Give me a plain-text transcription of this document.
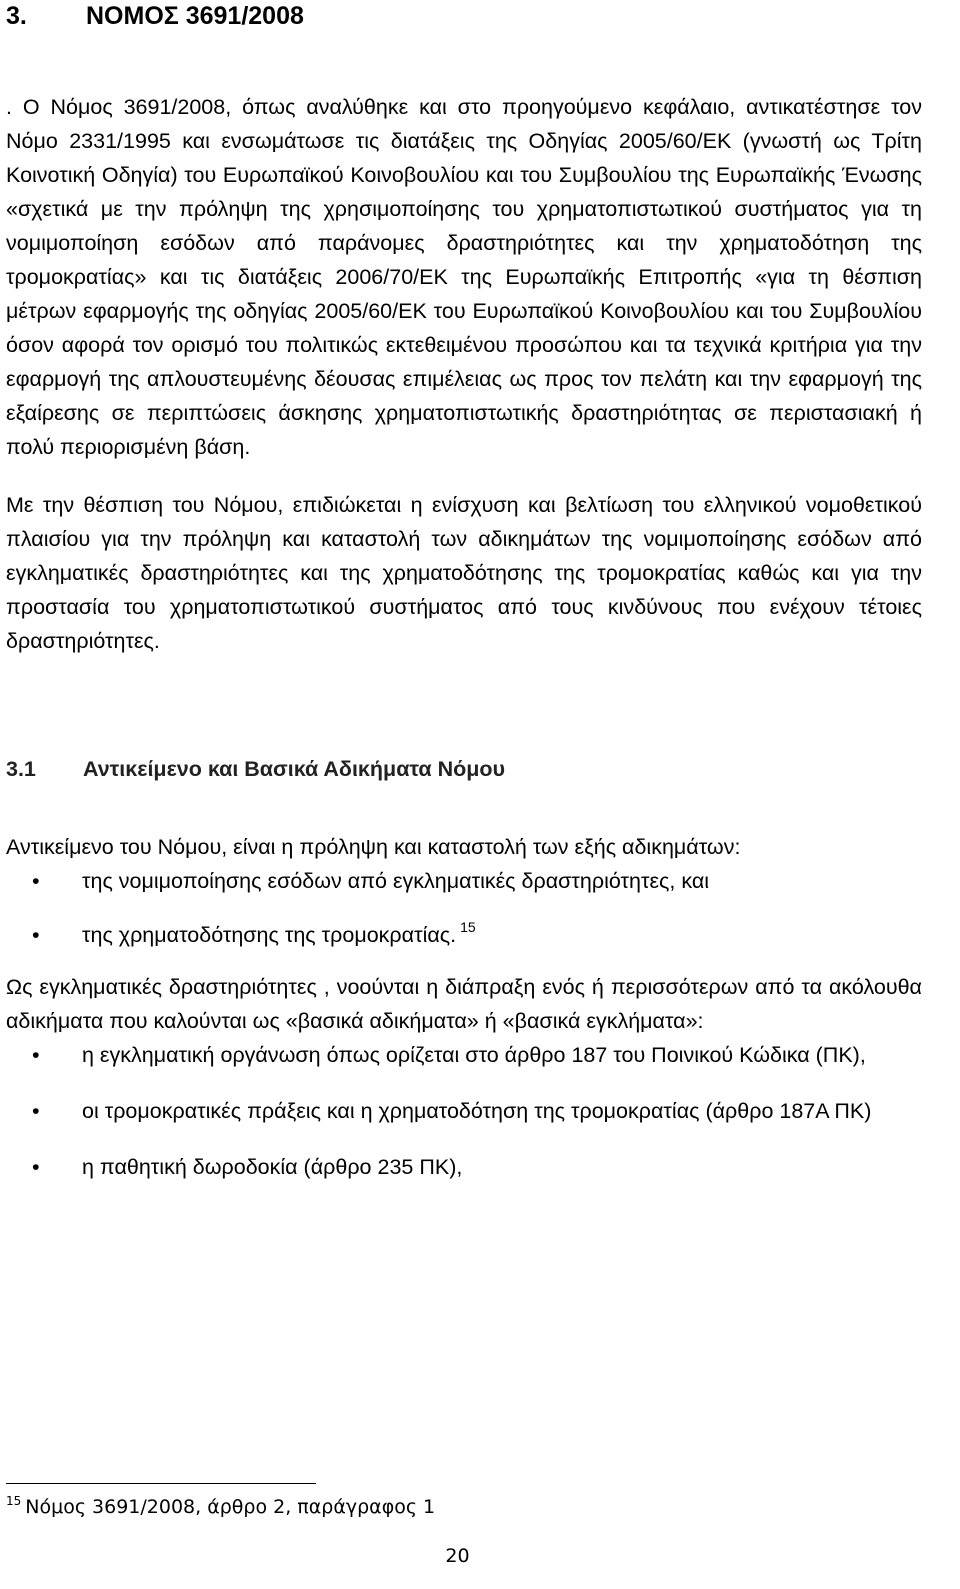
3. ΝΟΜΟΣ 3691/2008

. Ο Νόμος 3691/2008, όπως αναλύθηκε και στο προηγούμενο κεφάλαιο, αντικατέστησε τον Νόμο 2331/1995 και ενσωμάτωσε τις διατάξεις της Οδηγίας 2005/60/ΕΚ (γνωστή ως Τρίτη Κοινοτική Οδηγία) του Ευρωπαϊκού Κοινοβουλίου και του Συμβουλίου της Ευρωπαϊκής Ένωσης «σχετικά με την πρόληψη της χρησιμοποίησης του χρηματοπιστωτικού συστήματος για τη νομιμοποίηση εσόδων από παράνομες δραστηριότητες και την χρηματοδότηση της τρομοκρατίας» και τις διατάξεις 2006/70/ΕΚ της Ευρωπαϊκής Επιτροπής «για τη θέσπιση μέτρων εφαρμογής της οδηγίας 2005/60/ΕΚ του Ευρωπαϊκού Κοινοβουλίου και του Συμβουλίου όσον αφορά τον ορισμό του πολιτικώς εκτεθειμένου προσώπου και τα τεχνικά κριτήρια για την εφαρμογή της απλουστευμένης δέουσας επιμέλειας ως προς τον πελάτη και την εφαρμογή της εξαίρεσης σε περιπτώσεις άσκησης χρηματοπιστωτικής δραστηριότητας σε περιστασιακή ή πολύ περιορισμένη βάση.

Με την θέσπιση του Νόμου, επιδιώκεται η ενίσχυση και βελτίωση του ελληνικού νομοθετικού πλαισίου για την πρόληψη και καταστολή των αδικημάτων της νομιμοποίησης εσόδων από εγκληματικές δραστηριότητες και της χρηματοδότησης της τρομοκρατίας καθώς και για την προστασία του χρηματοπιστωτικού συστήματος από τους κινδύνους που ενέχουν τέτοιες δραστηριότητες.

3.1 Αντικείμενο και Βασικά Αδικήματα Νόμου

Αντικείμενο του Νόμου, είναι η πρόληψη και καταστολή των εξής αδικημάτων:

• της νομιμοποίησης εσόδων από εγκληματικές δραστηριότητες, και
• της χρηματοδότησης της τρομοκρατίας. $^{15}$

Ως εγκληματικές δραστηριότητες , νοούνται η διάπραξη ενός ή περισσότερων από τα ακόλουθα αδικήματα που καλούνται ως «βασικά αδικήματα» ή «βασικά εγκλήματα»:

• η εγκληματική οργάνωση όπως ορίζεται στο άρθρο 187 του Ποινικού Κώδικα (ΠΚ),
• οι τρομοκρατικές πράξεις και η χρηματοδότηση της τρομοκρατίας (άρθρο 187Α ΠΚ)
• η παθητική δωροδοκία (άρθρο 235 ΠΚ),
$^{15}$ Νόμος 3691/2008, άρθρο 2, παράγραφος 1
20
